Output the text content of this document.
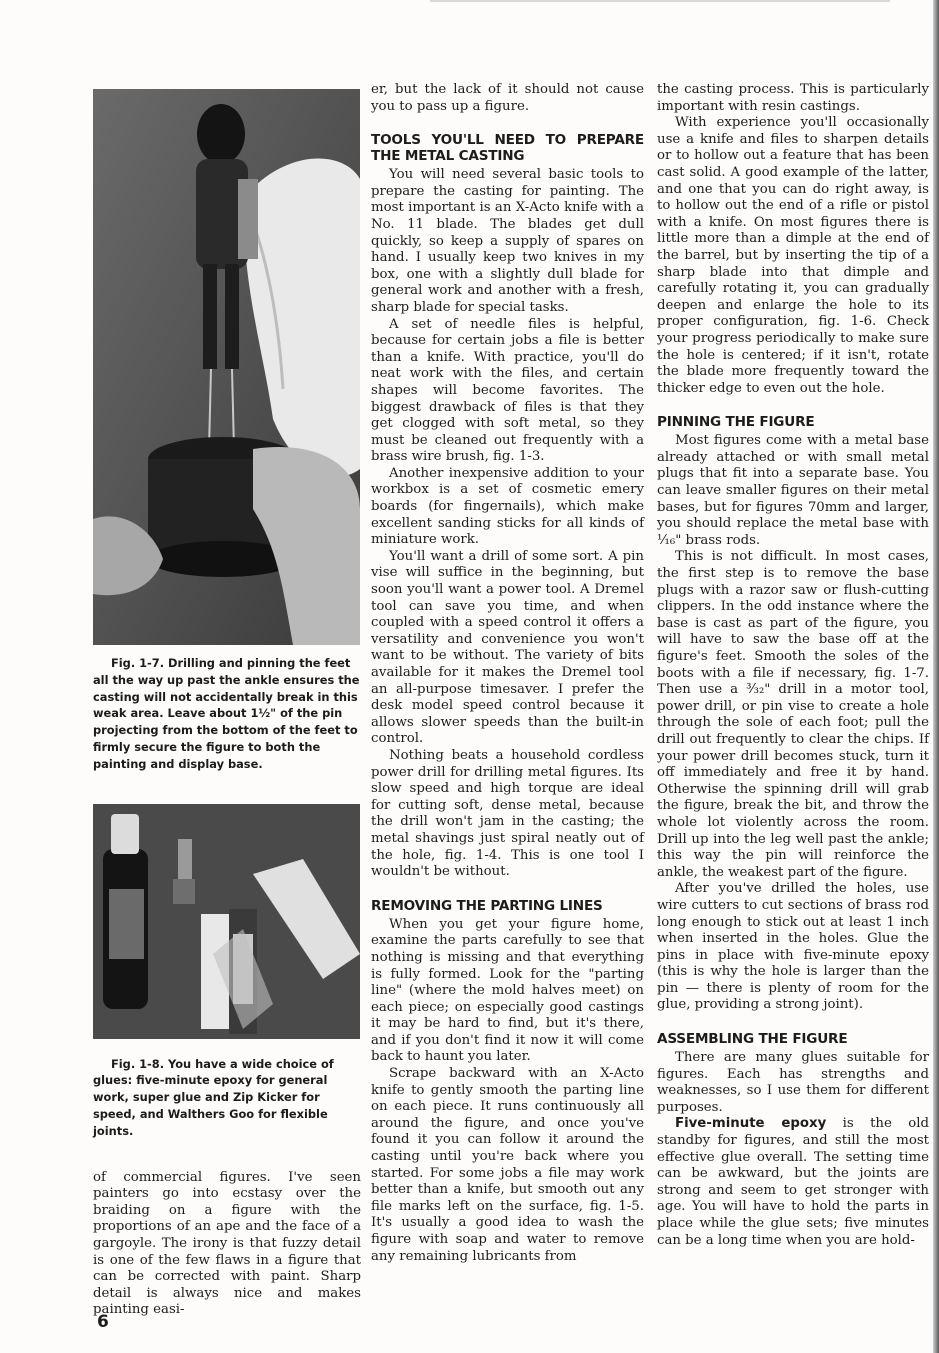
Fig. 1-7. Drilling and pinning the feet all the way up past the ankle ensures the casting will not accidentally break in this weak area. Leave about 1½" of the pin projecting from the bottom of the feet to firmly secure the figure to both the painting and display base.

Fig. 1-8. You have a wide choice of glues: five-minute epoxy for general work, super glue and Zip Kicker for speed, and Walthers Goo for flexible joints.

of commercial figures. I've seen painters go into ecstasy over the braiding on a figure with the proportions of an ape and the face of a gargoyle. The irony is that fuzzy detail is one of the few flaws in a figure that can be corrected with paint. Sharp detail is always nice and makes painting easi-

er, but the lack of it should not cause you to pass up a figure.

TOOLS YOU'LL NEED TO PREPARE THE METAL CASTING

You will need several basic tools to prepare the casting for painting. The most important is an X-Acto knife with a No. 11 blade. The blades get dull quickly, so keep a supply of spares on hand. I usually keep two knives in my box, one with a slightly dull blade for general work and another with a fresh, sharp blade for special tasks.

A set of needle files is helpful, because for certain jobs a file is better than a knife. With practice, you'll do neat work with the files, and certain shapes will become favorites. The biggest drawback of files is that they get clogged with soft metal, so they must be cleaned out frequently with a brass wire brush, fig. 1-3.

Another inexpensive addition to your workbox is a set of cosmetic emery boards (for fingernails), which make excellent sanding sticks for all kinds of miniature work.

You'll want a drill of some sort. A pin vise will suffice in the beginning, but soon you'll want a power tool. A Dremel tool can save you time, and when coupled with a speed control it offers a versatility and convenience you won't want to be without. The variety of bits available for it makes the Dremel tool an all-purpose timesaver. I prefer the desk model speed control because it allows slower speeds than the built-in control.

Nothing beats a household cordless power drill for drilling metal figures. Its slow speed and high torque are ideal for cutting soft, dense metal, because the drill won't jam in the casting; the metal shavings just spiral neatly out of the hole, fig. 1-4. This is one tool I wouldn't be without.

REMOVING THE PARTING LINES

When you get your figure home, examine the parts carefully to see that nothing is missing and that everything is fully formed. Look for the "parting line" (where the mold halves meet) on each piece; on especially good castings it may be hard to find, but it's there, and if you don't find it now it will come back to haunt you later.

Scrape backward with an X-Acto knife to gently smooth the parting line on each piece. It runs continuously all around the figure, and once you've found it you can follow it around the casting until you're back where you started. For some jobs a file may work better than a knife, but smooth out any file marks left on the surface, fig. 1-5. It's usually a good idea to wash the figure with soap and water to remove any remaining lubricants from

the casting process. This is particularly important with resin castings.

With experience you'll occasionally use a knife and files to sharpen details or to hollow out a feature that has been cast solid. A good example of the latter, and one that you can do right away, is to hollow out the end of a rifle or pistol with a knife. On most figures there is little more than a dimple at the end of the barrel, but by inserting the tip of a sharp blade into that dimple and carefully rotating it, you can gradually deepen and enlarge the hole to its proper configuration, fig. 1-6. Check your progress periodically to make sure the hole is centered; if it isn't, rotate the blade more frequently toward the thicker edge to even out the hole.

PINNING THE FIGURE

Most figures come with a metal base already attached or with small metal plugs that fit into a separate base. You can leave smaller figures on their metal bases, but for figures 70mm and larger, you should replace the metal base with ¹⁄₁₆" brass rods.

This is not difficult. In most cases, the first step is to remove the base plugs with a razor saw or flush-cutting clippers. In the odd instance where the base is cast as part of the figure, you will have to saw the base off at the figure's feet. Smooth the soles of the boots with a file if necessary, fig. 1-7. Then use a ³⁄₃₂" drill in a motor tool, power drill, or pin vise to create a hole through the sole of each foot; pull the drill out frequently to clear the chips. If your power drill becomes stuck, turn it off immediately and free it by hand. Otherwise the spinning drill will grab the figure, break the bit, and throw the whole lot violently across the room. Drill up into the leg well past the ankle; this way the pin will reinforce the ankle, the weakest part of the figure.

After you've drilled the holes, use wire cutters to cut sections of brass rod long enough to stick out at least 1 inch when inserted in the holes. Glue the pins in place with five-minute epoxy (this is why the hole is larger than the pin — there is plenty of room for the glue, providing a strong joint).

ASSEMBLING THE FIGURE

There are many glues suitable for figures. Each has strengths and weaknesses, so I use them for different purposes.

Five-minute epoxy is the old standby for figures, and still the most effective glue overall. The setting time can be awkward, but the joints are strong and seem to get stronger with age. You will have to hold the parts in place while the glue sets; five minutes can be a long time when you are hold-

6
